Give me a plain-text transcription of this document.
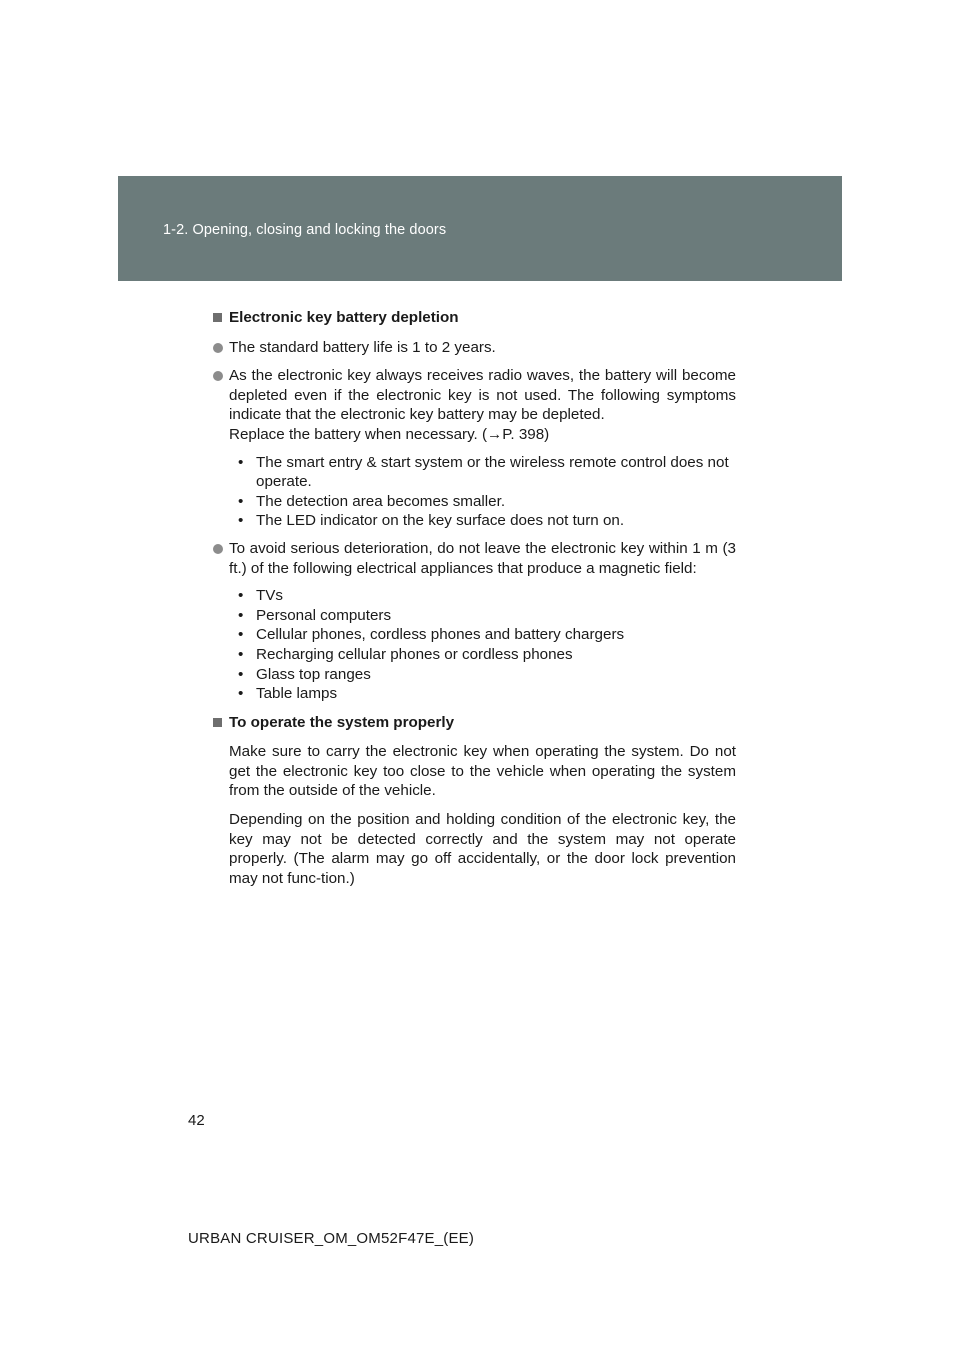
1-2. Opening, closing and locking the doors
Electronic key battery depletion
The standard battery life is 1 to 2 years.
As the electronic key always receives radio waves, the battery will become depleted even if the electronic key is not used. The following symptoms indicate that the electronic key battery may be depleted.
Replace the battery when necessary. (→P. 398)
• The smart entry & start system or the wireless remote control does not operate.
• The detection area becomes smaller.
• The LED indicator on the key surface does not turn on.
To avoid serious deterioration, do not leave the electronic key within 1 m (3 ft.) of the following electrical appliances that produce a magnetic field:
• TVs
• Personal computers
• Cellular phones, cordless phones and battery chargers
• Recharging cellular phones or cordless phones
• Glass top ranges
• Table lamps
To operate the system properly
Make sure to carry the electronic key when operating the system. Do not get the electronic key too close to the vehicle when operating the system from the outside of the vehicle.
Depending on the position and holding condition of the electronic key, the key may not be detected correctly and the system may not operate properly. (The alarm may go off accidentally, or the door lock prevention may not func-tion.)
42
URBAN CRUISER_OM_OM52F47E_(EE)
